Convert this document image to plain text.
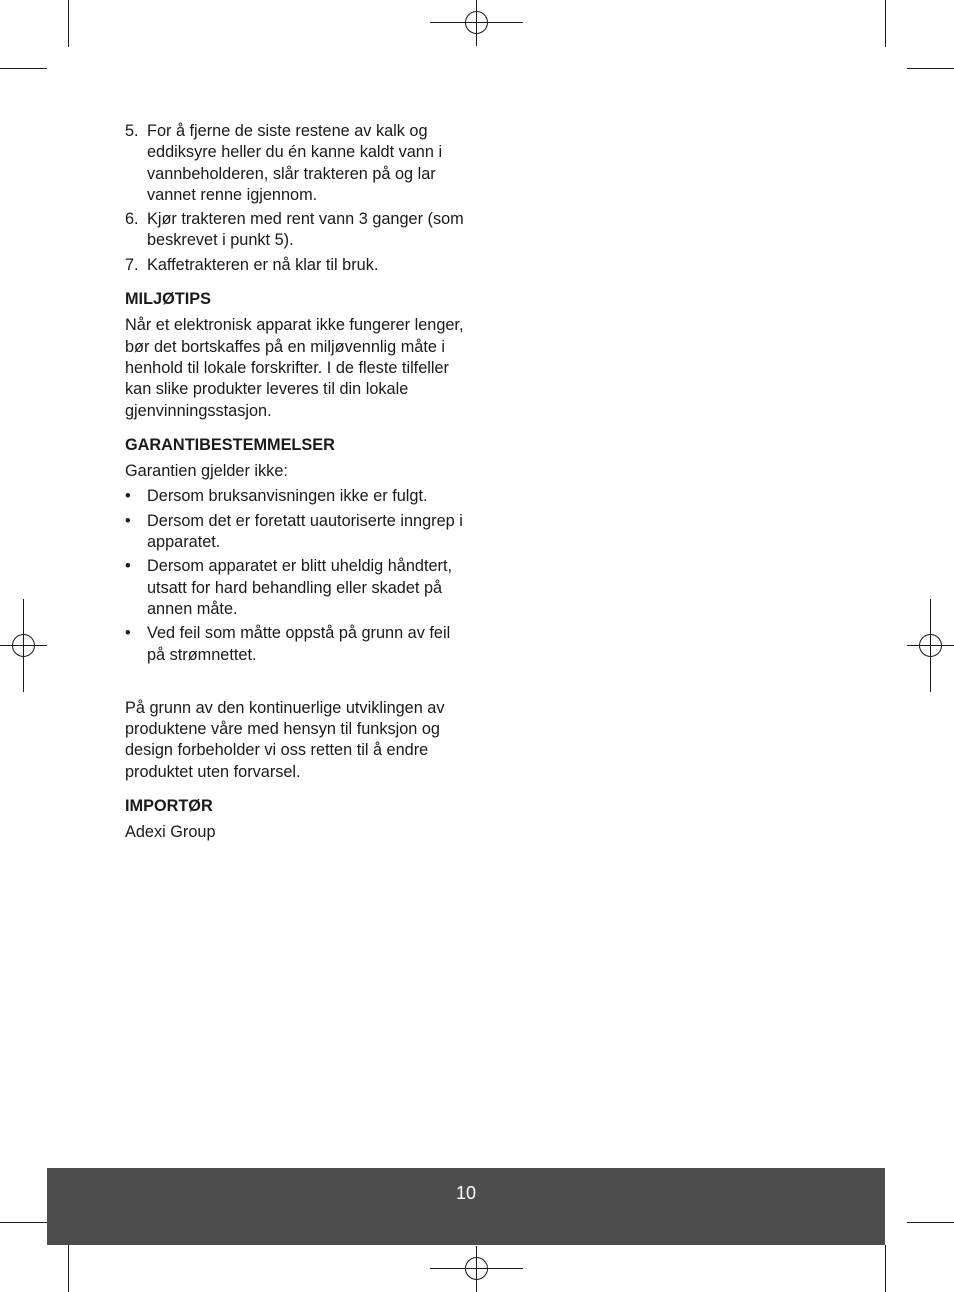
5. For å fjerne de siste restene av kalk og eddiksyre heller du én kanne kaldt vann i vannbeholderen, slår trakteren på og lar vannet renne igjennom.
6. Kjør trakteren med rent vann 3 ganger (som beskrevet i punkt 5).
7. Kaffetrakteren er nå klar til bruk.
MILJØTIPS

Når et elektronisk apparat ikke fungerer lenger, bør det bortskaffes på en miljøvennlig måte i henhold til lokale forskrifter. I de fleste tilfeller kan slike produkter leveres til din lokale gjenvinningsstasjon.

GARANTIBESTEMMELSER

Garantien gjelder ikke:

• Dersom bruksanvisningen ikke er fulgt.
• Dersom det er foretatt uautoriserte inngrep i apparatet.
• Dersom apparatet er blitt uheldig håndtert, utsatt for hard behandling eller skadet på annen måte.
• Ved feil som måtte oppstå på grunn av feil på strømnettet.

På grunn av den kontinuerlige utviklingen av produktene våre med hensyn til funksjon og design forbeholder vi oss retten til å endre produktet uten forvarsel.

IMPORTØR

Adexi Group

10
